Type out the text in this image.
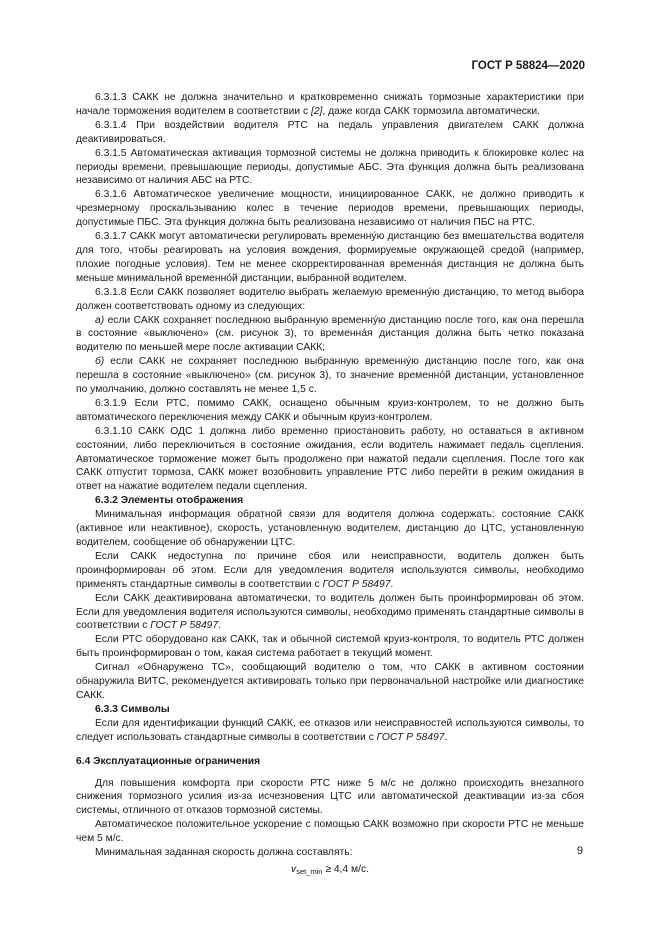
ГОСТ Р 58824—2020

6.3.1.3 САКК не должна значительно и кратковременно снижать тормозные характеристики при начале торможения водителем в соответствии с [2], даже когда САКК тормозила автоматически.

6.3.1.4 При воздействии водителя РТС на педаль управления двигателем САКК должна деактивироваться.

6.3.1.5 Автоматическая активация тормозной системы не должна приводить к блокировке колес на периоды времени, превышающие периоды, допустимые АБС. Эта функция должна быть реализована независимо от наличия АБС на РТС.

6.3.1.6 Автоматическое увеличение мощности, инициированное САКК, не должно приводить к чрезмерному проскальзыванию колес в течение периодов времени, превышающих периоды, допустимые ПБС. Эта функция должна быть реализована независимо от наличия ПБС на РТС.

6.3.1.7 САКК могут автоматически регулировать временну́ю дистанцию без вмешательства водителя для того, чтобы реагировать на условия вождения, формируемые окружающей средой (например, плохие погодные условия). Тем не менее скорректированная временна́я дистанция не должна быть меньше минимальной временно́й дистанции, выбранной водителем.

6.3.1.8 Если САКК позволяет водителю выбрать желаемую временну́ю дистанцию, то метод выбора должен соответствовать одному из следующих:

а) если САКК сохраняет последнюю выбранную временну́ю дистанцию после того, как она перешла в состояние «выключено» (см. рисунок 3), то временна́я дистанция должна быть четко показана водителю по меньшей мере после активации САКК;

б) если САКК не сохраняет последнюю выбранную временну́ю дистанцию после того, как она перешла в состояние «выключено» (см. рисунок 3), то значение временно́й дистанции, установленное по умолчанию, должно составлять не менее 1,5 с.

6.3.1.9 Если РТС, помимо САКК, оснащено обычным круиз-контролем, то не должно быть автоматического переключения между САКК и обычным круиз-контролем.

6.3.1.10 САКК ОДС 1 должна либо временно приостановить работу, но оставаться в активном состоянии, либо переключиться в состояние ожидания, если водитель нажимает педаль сцепления. Автоматическое торможение может быть продолжено при нажатой педали сцепления. После того как САКК отпустит тормоза, САКК может возобновить управление РТС либо перейти в режим ожидания в ответ на нажатие водителем педали сцепления.

6.3.2 Элементы отображения

Минимальная информация обратной связи для водителя должна содержать: состояние САКК (активное или неактивное), скорость, установленную водителем, дистанцию до ЦТС, установленную водителем, сообщение об обнаружении ЦТС.

Если САКК недоступна по причине сбоя или неисправности, водитель должен быть проинформирован об этом. Если для уведомления водителя используются символы, необходимо применять стандартные символы в соответствии с ГОСТ Р 58497.

Если САКК деактивирована автоматически, то водитель должен быть проинформирован об этом. Если для уведомления водителя используются символы, необходимо применять стандартные символы в соответствии с ГОСТ Р 58497.

Если РТС оборудовано как САКК, так и обычной системой круиз-контроля, то водитель РТС должен быть проинформирован о том, какая система работает в текущий момент.

Сигнал «Обнаружено ТС», сообщающий водителю о том, что САКК в активном состоянии обнаружила ВИТС, рекомендуется активировать только при первоначальной настройке или диагностике САКК.

6.3.3 Символы

Если для идентификации функций САКК, ее отказов или неисправностей используются символы, то следует использовать стандартные символы в соответствии с ГОСТ Р 58497.

6.4 Эксплуатационные ограничения

Для повышения комфорта при скорости РТС ниже 5 м/с не должно происходить внезапного снижения тормозного усилия из-за исчезновения ЦТС или автоматической деактивации из-за сбоя системы, отличного от отказов тормозной системы.

Автоматическое положительное ускорение с помощью САКК возможно при скорости РТС не меньше чем 5 м/с.

Минимальная заданная скорость должна составлять:

$v_{set\_min} \ge 4,4$ м/с.

9
